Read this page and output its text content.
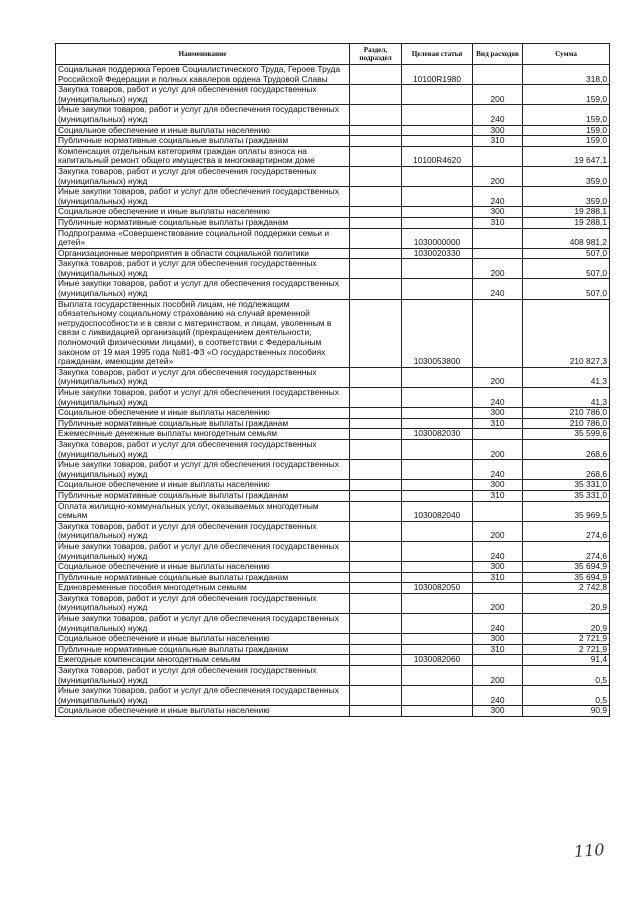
Наименование	Раздел, подраздел	Целевая статья	Вид расходов	Сумма
Социальная поддержка Героев Социалистического Труда, Героев Труда Российской Федерации и полных кавалеров ордена Трудовой Славы		10100R1980		318,0
Закупка товаров, работ и услуг для обеспечения государственных (муниципальных) нужд			200	159,0
Иные закупки товаров, работ и услуг для обеспечения государственных (муниципальных) нужд			240	159,0
Социальное обеспечение и иные выплаты населению			300	159,0
Публичные нормативные социальные выплаты гражданам			310	159,0
Компенсация отдельным категориям граждан оплаты взноса на капитальный ремонт общего имущества в многоквартирном доме		10100R4620		19 647,1
Закупка товаров, работ и услуг для обеспечения государственных (муниципальных) нужд			200	359,0
Иные закупки товаров, работ и услуг для обеспечения государственных (муниципальных) нужд			240	359,0
Социальное обеспечение и иные выплаты населению			300	19 288,1
Публичные нормативные социальные выплаты гражданам			310	19 288,1
Подпрограмма «Совершенствование социальной поддержки семьи и детей»		1030000000		408 981,2
Организационные мероприятия в области социальной политики		1030020330		507,0
Закупка товаров, работ и услуг для обеспечения государственных (муниципальных) нужд			200	507,0
Иные закупки товаров, работ и услуг для обеспечения государственных (муниципальных) нужд			240	507,0
Выплата государственных пособий лицам, не подлежащим обязательному социальному страхованию на случай временной нетрудоспособности и в связи с материнством, и лицам, уволенным в связи с ликвидацией организаций (прекращением деятельности, полномочий физическими лицами), в соответствии с Федеральным законом от 19 мая 1995 года №81-ФЗ «О государственных пособиях гражданам, имеющим детей»		1030053800		210 827,3
Закупка товаров, работ и услуг для обеспечения государственных (муниципальных) нужд			200	41,3
Иные закупки товаров, работ и услуг для обеспечения государственных (муниципальных) нужд			240	41,3
Социальное обеспечение и иные выплаты населению			300	210 786,0
Публичные нормативные социальные выплаты гражданам			310	210 786,0
Ежемесячные денежные выплаты многодетным семьям		1030082030		35 599,6
Закупка товаров, работ и услуг для обеспечения государственных (муниципальных) нужд			200	268,6
Иные закупки товаров, работ и услуг для обеспечения государственных (муниципальных) нужд			240	268,6
Социальное обеспечение и иные выплаты населению			300	35 331,0
Публичные нормативные социальные выплаты гражданам			310	35 331,0
Оплата жилищно-коммунальных услуг, оказываемых многодетным семьям		1030082040		35 969,5
Закупка товаров, работ и услуг для обеспечения государственных (муниципальных) нужд			200	274,6
Иные закупки товаров, работ и услуг для обеспечения государственных (муниципальных) нужд			240	274,6
Социальное обеспечение и иные выплаты населению			300	35 694,9
Публичные нормативные социальные выплаты гражданам			310	35 694,9
Единовременные пособия многодетным семьям		1030082050		2 742,8
Закупка товаров, работ и услуг для обеспечения государственных (муниципальных) нужд			200	20,9
Иные закупки товаров, работ и услуг для обеспечения государственных (муниципальных) нужд			240	20,9
Социальное обеспечение и иные выплаты населению			300	2 721,9
Публичные нормативные социальные выплаты гражданам			310	2 721,9
Ежегодные компенсации многодетным семьям		1030082060		91,4
Закупка товаров, работ и услуг для обеспечения государственных (муниципальных) нужд			200	0,5
Иные закупки товаров, работ и услуг для обеспечения государственных (муниципальных) нужд			240	0,5
Социальное обеспечение и иные выплаты населению			300	90,9
110
